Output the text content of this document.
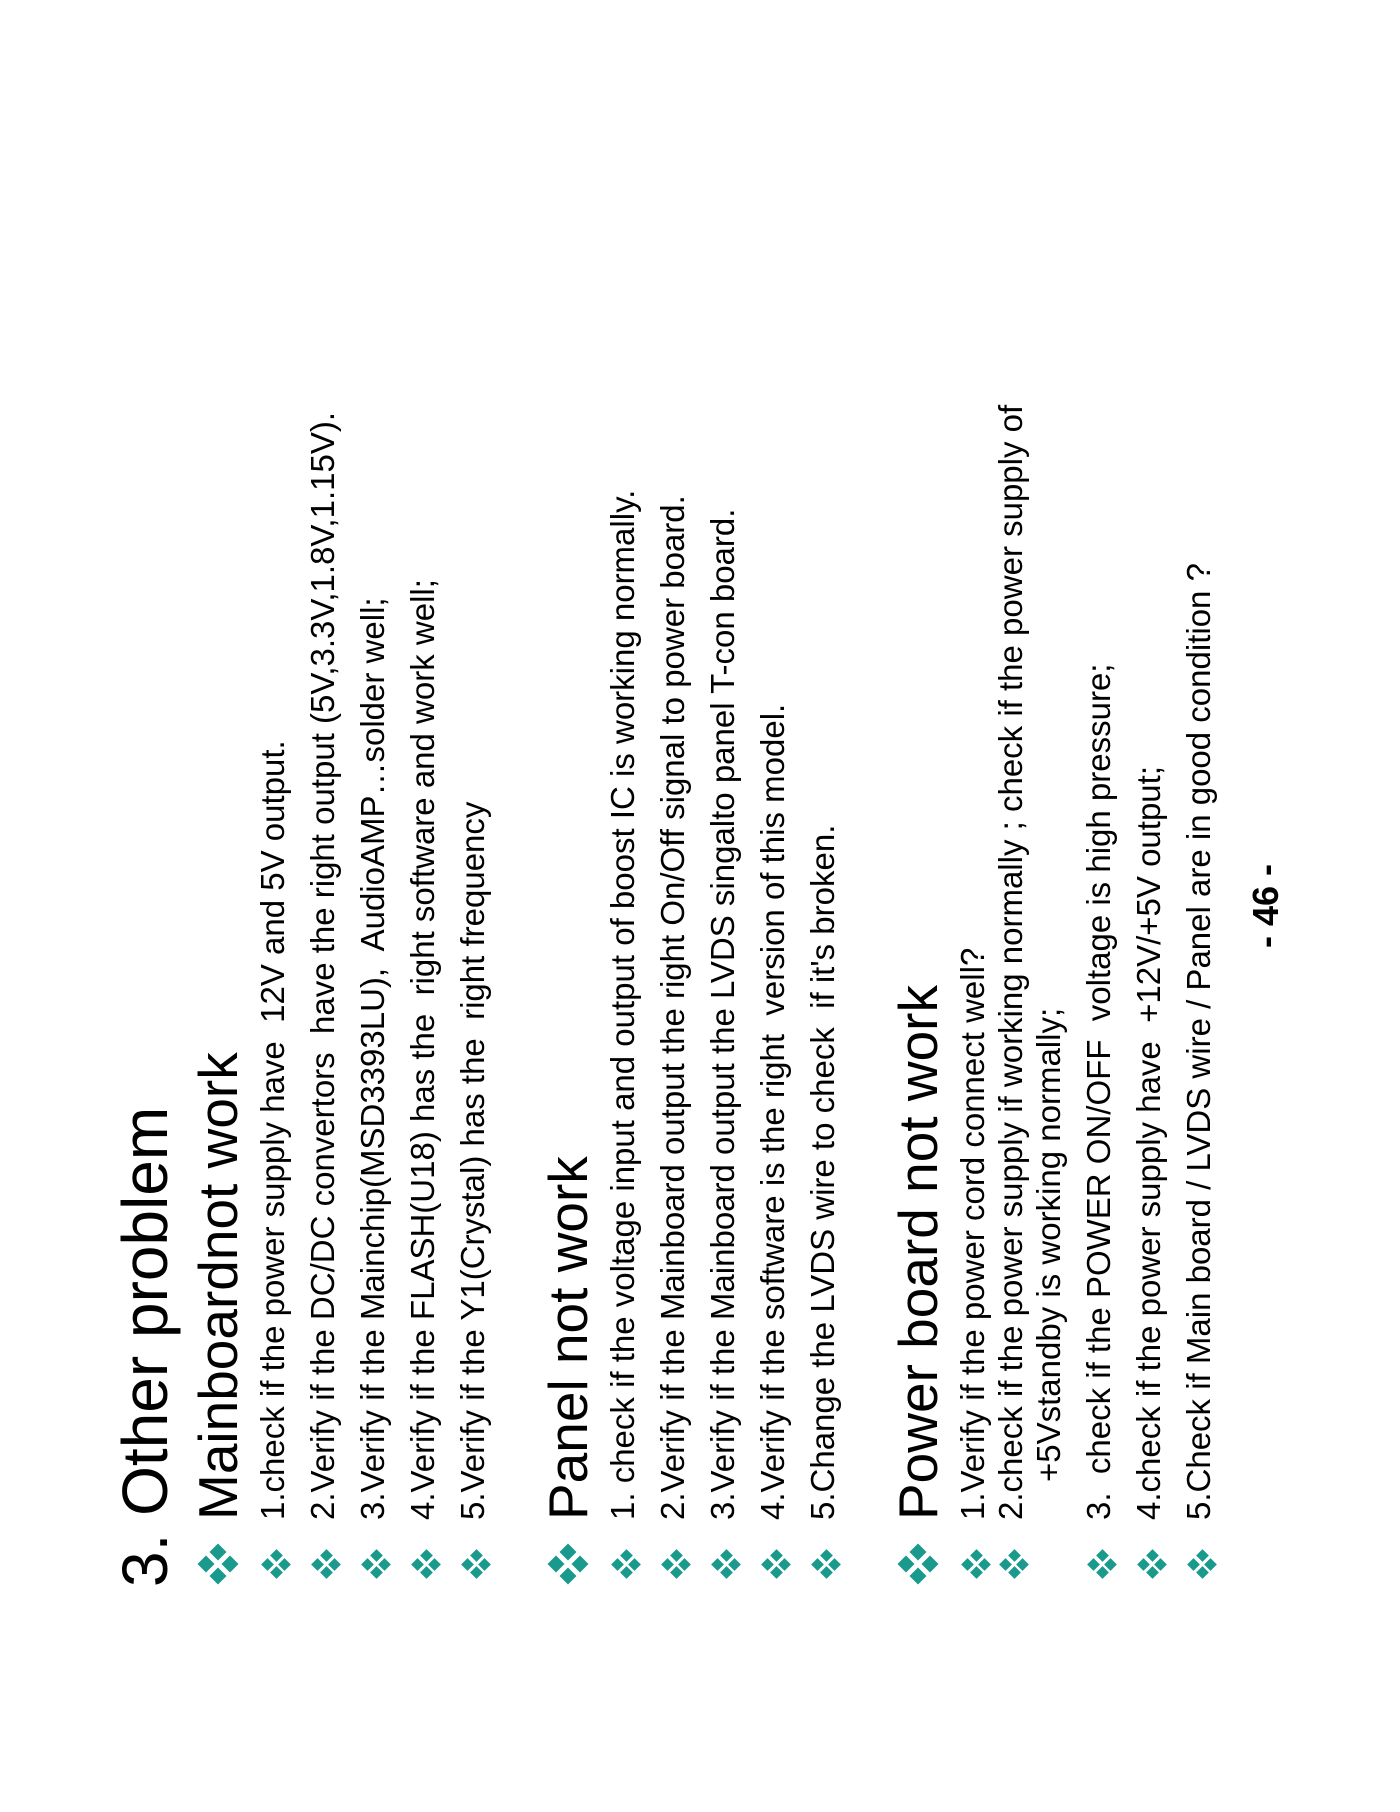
3. Other problem Mainboardnot work 1.check if the power supply have  12V and 5V output. 2.Verify if the DC/DC convertors  have the right output (5V,3.3V,1.8V,1.15V). 3.Verify if the Mainchip(MSD3393LU),  AudioAMP…solder well; 4.Verify if the FLASH(U18) has the  right software and work well; 5.Verify if the Y1(Crystal) has the  right frequency Panel not work 1. check if the voltage input and output of boost IC is working normally. 2.Verify if the Mainboard output the right On/Off signal to power board. 3.Verify if the Mainboard output the LVDS singalto panel T-con board. 4.Verify if the software is the right  version of this model. 5.Change the LVDS wire to check  if it's broken. Power board not work 1.Verify if the power cord connect well? 2.check if the power supply if working normally ; check if the power supply of +5Vstandby is working normally; 3.  check if the POWER ON/OFF  voltage is high pressure; 4.check if the power supply have  +12V/+5V output; 5.Check if Main board / LVDS wire / Panel are in good condition ? - 46 -
